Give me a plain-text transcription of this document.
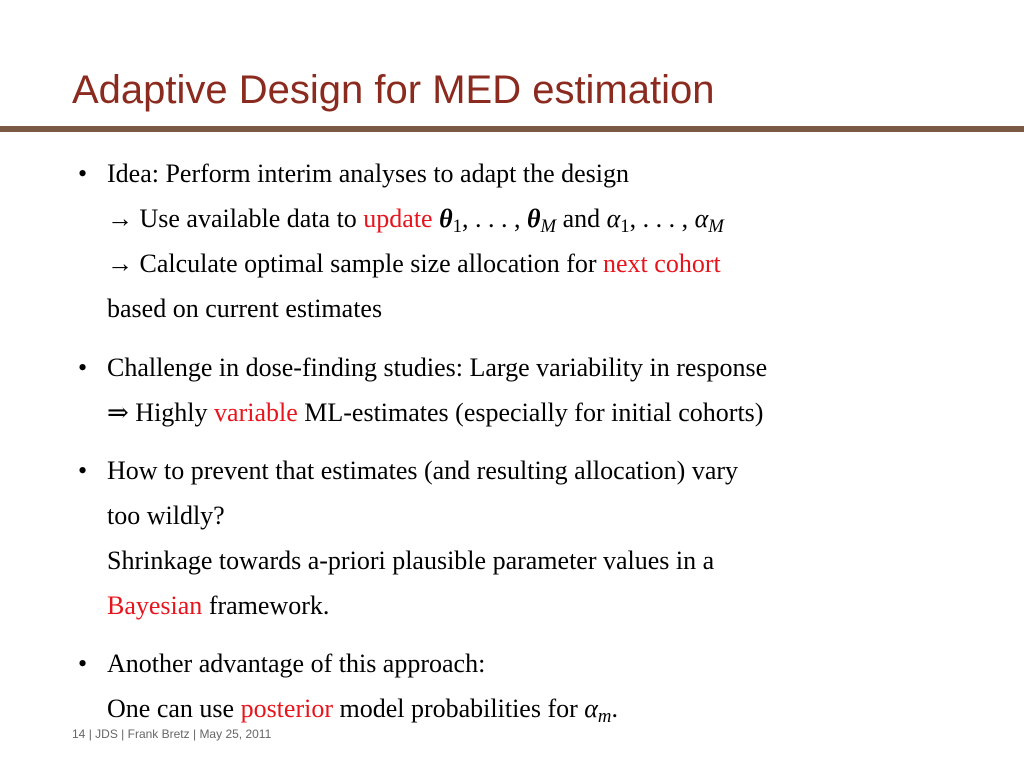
Adaptive Design for MED estimation
• Idea: Perform interim analyses to adapt the design
→ Use available data to update $\theta_1$, . . . , $\theta_M$ and $\alpha_1$, . . . , $\alpha_M$
→ Calculate optimal sample size allocation for next cohort
based on current estimates
• Challenge in dose-finding studies: Large variability in response
⇒ Highly variable ML-estimates (especially for initial cohorts)
• How to prevent that estimates (and resulting allocation) vary
too wildly?
Shrinkage towards a-priori plausible parameter values in a
Bayesian framework.
• Another advantage of this approach:
One can use posterior model probabilities for $\alpha_m$.
14 | JDS | Frank Bretz | May 25, 2011
